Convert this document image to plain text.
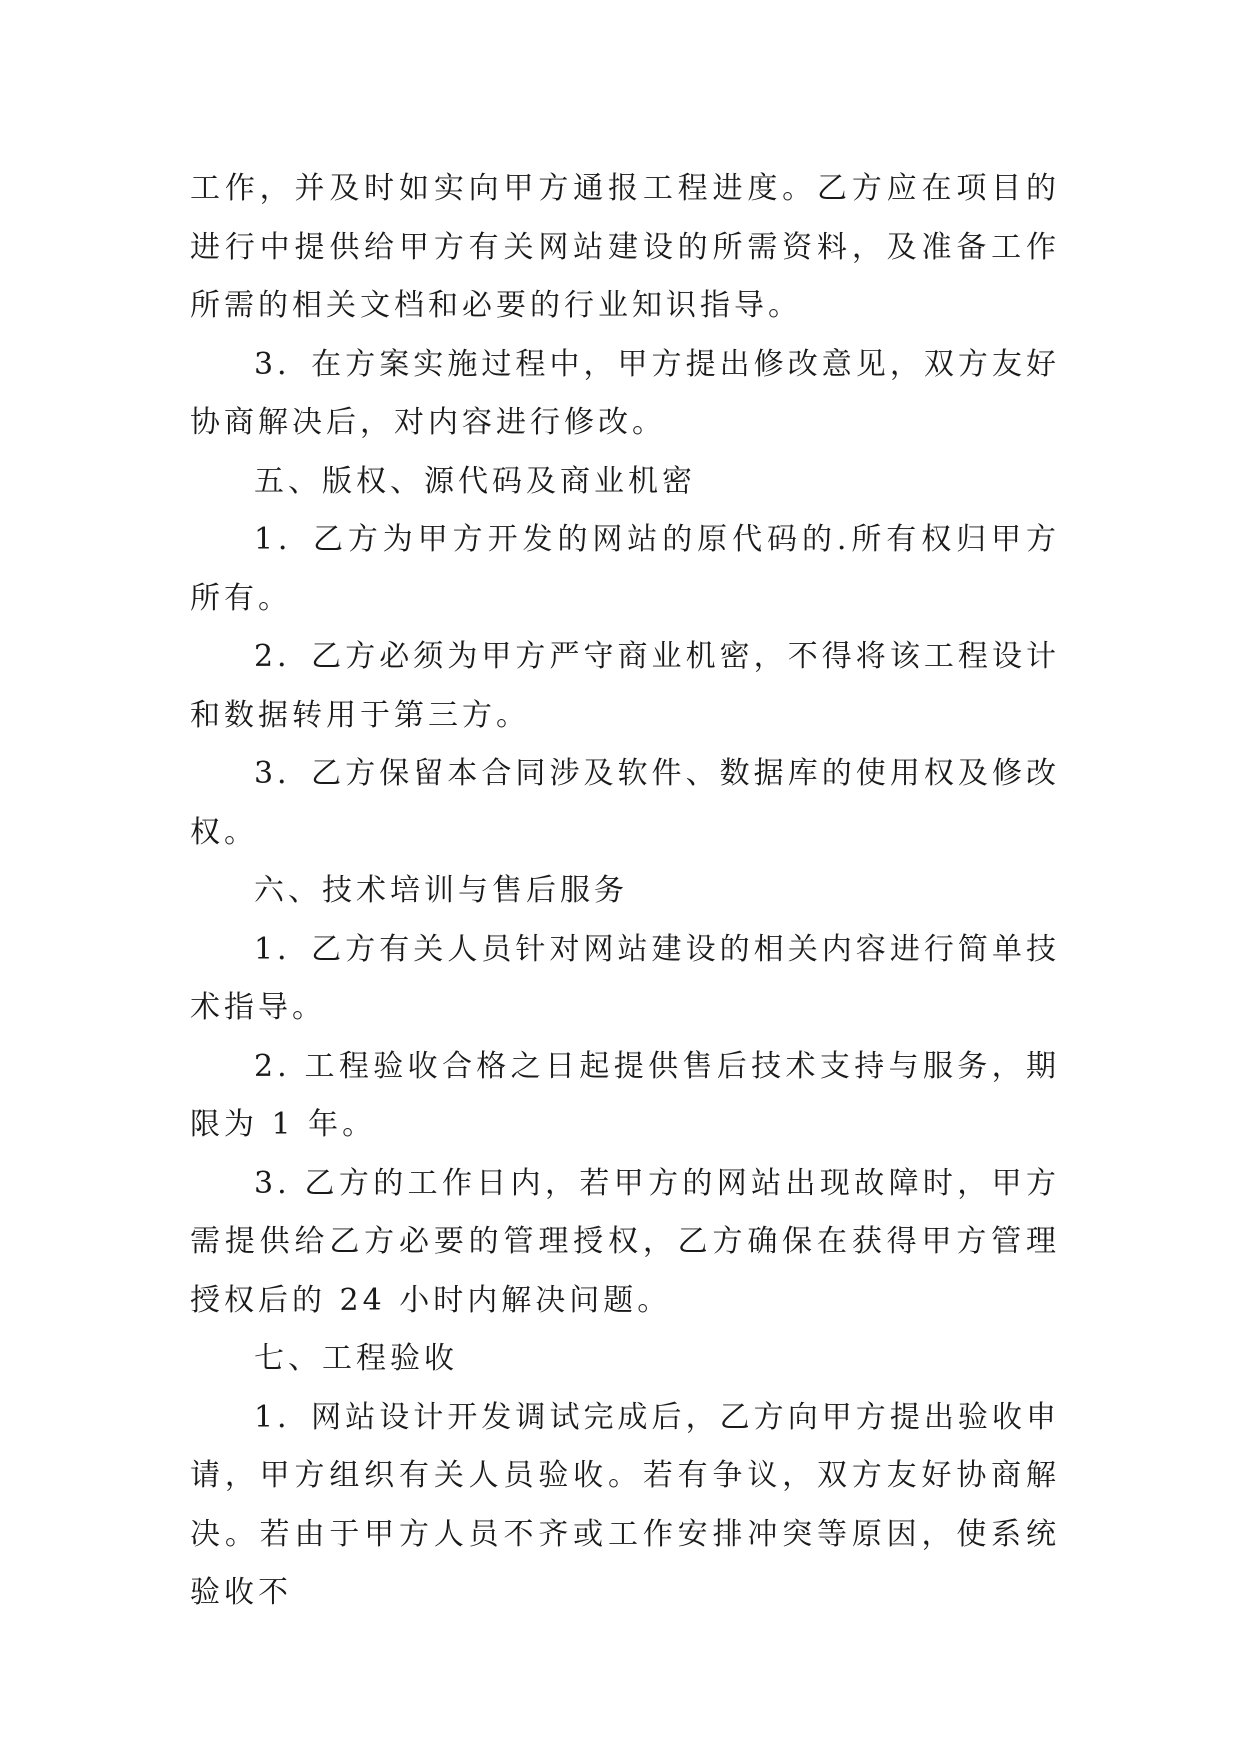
工作，并及时如实向甲方通报工程进度。乙方应在项目的进行中提供给甲方有关网站建设的所需资料，及准备工作所需的相关文档和必要的行业知识指导。

3．在方案实施过程中，甲方提出修改意见，双方友好协商解决后，对内容进行修改。

五、版权、源代码及商业机密

1．乙方为甲方开发的网站的原代码的.所有权归甲方所有。

2．乙方必须为甲方严守商业机密，不得将该工程设计和数据转用于第三方。

3．乙方保留本合同涉及软件、数据库的使用权及修改权。

六、技术培训与售后服务

1．乙方有关人员针对网站建设的相关内容进行简单技术指导。

2. 工程验收合格之日起提供售后技术支持与服务，期限为 1 年。

3. 乙方的工作日内，若甲方的网站出现故障时，甲方需提供给乙方必要的管理授权，乙方确保在获得甲方管理授权后的 24 小时内解决问题。

七、工程验收

1．网站设计开发调试完成后，乙方向甲方提出验收申请，甲方组织有关人员验收。若有争议，双方友好协商解决。若由于甲方人员不齐或工作安排冲突等原因，使系统验收不
